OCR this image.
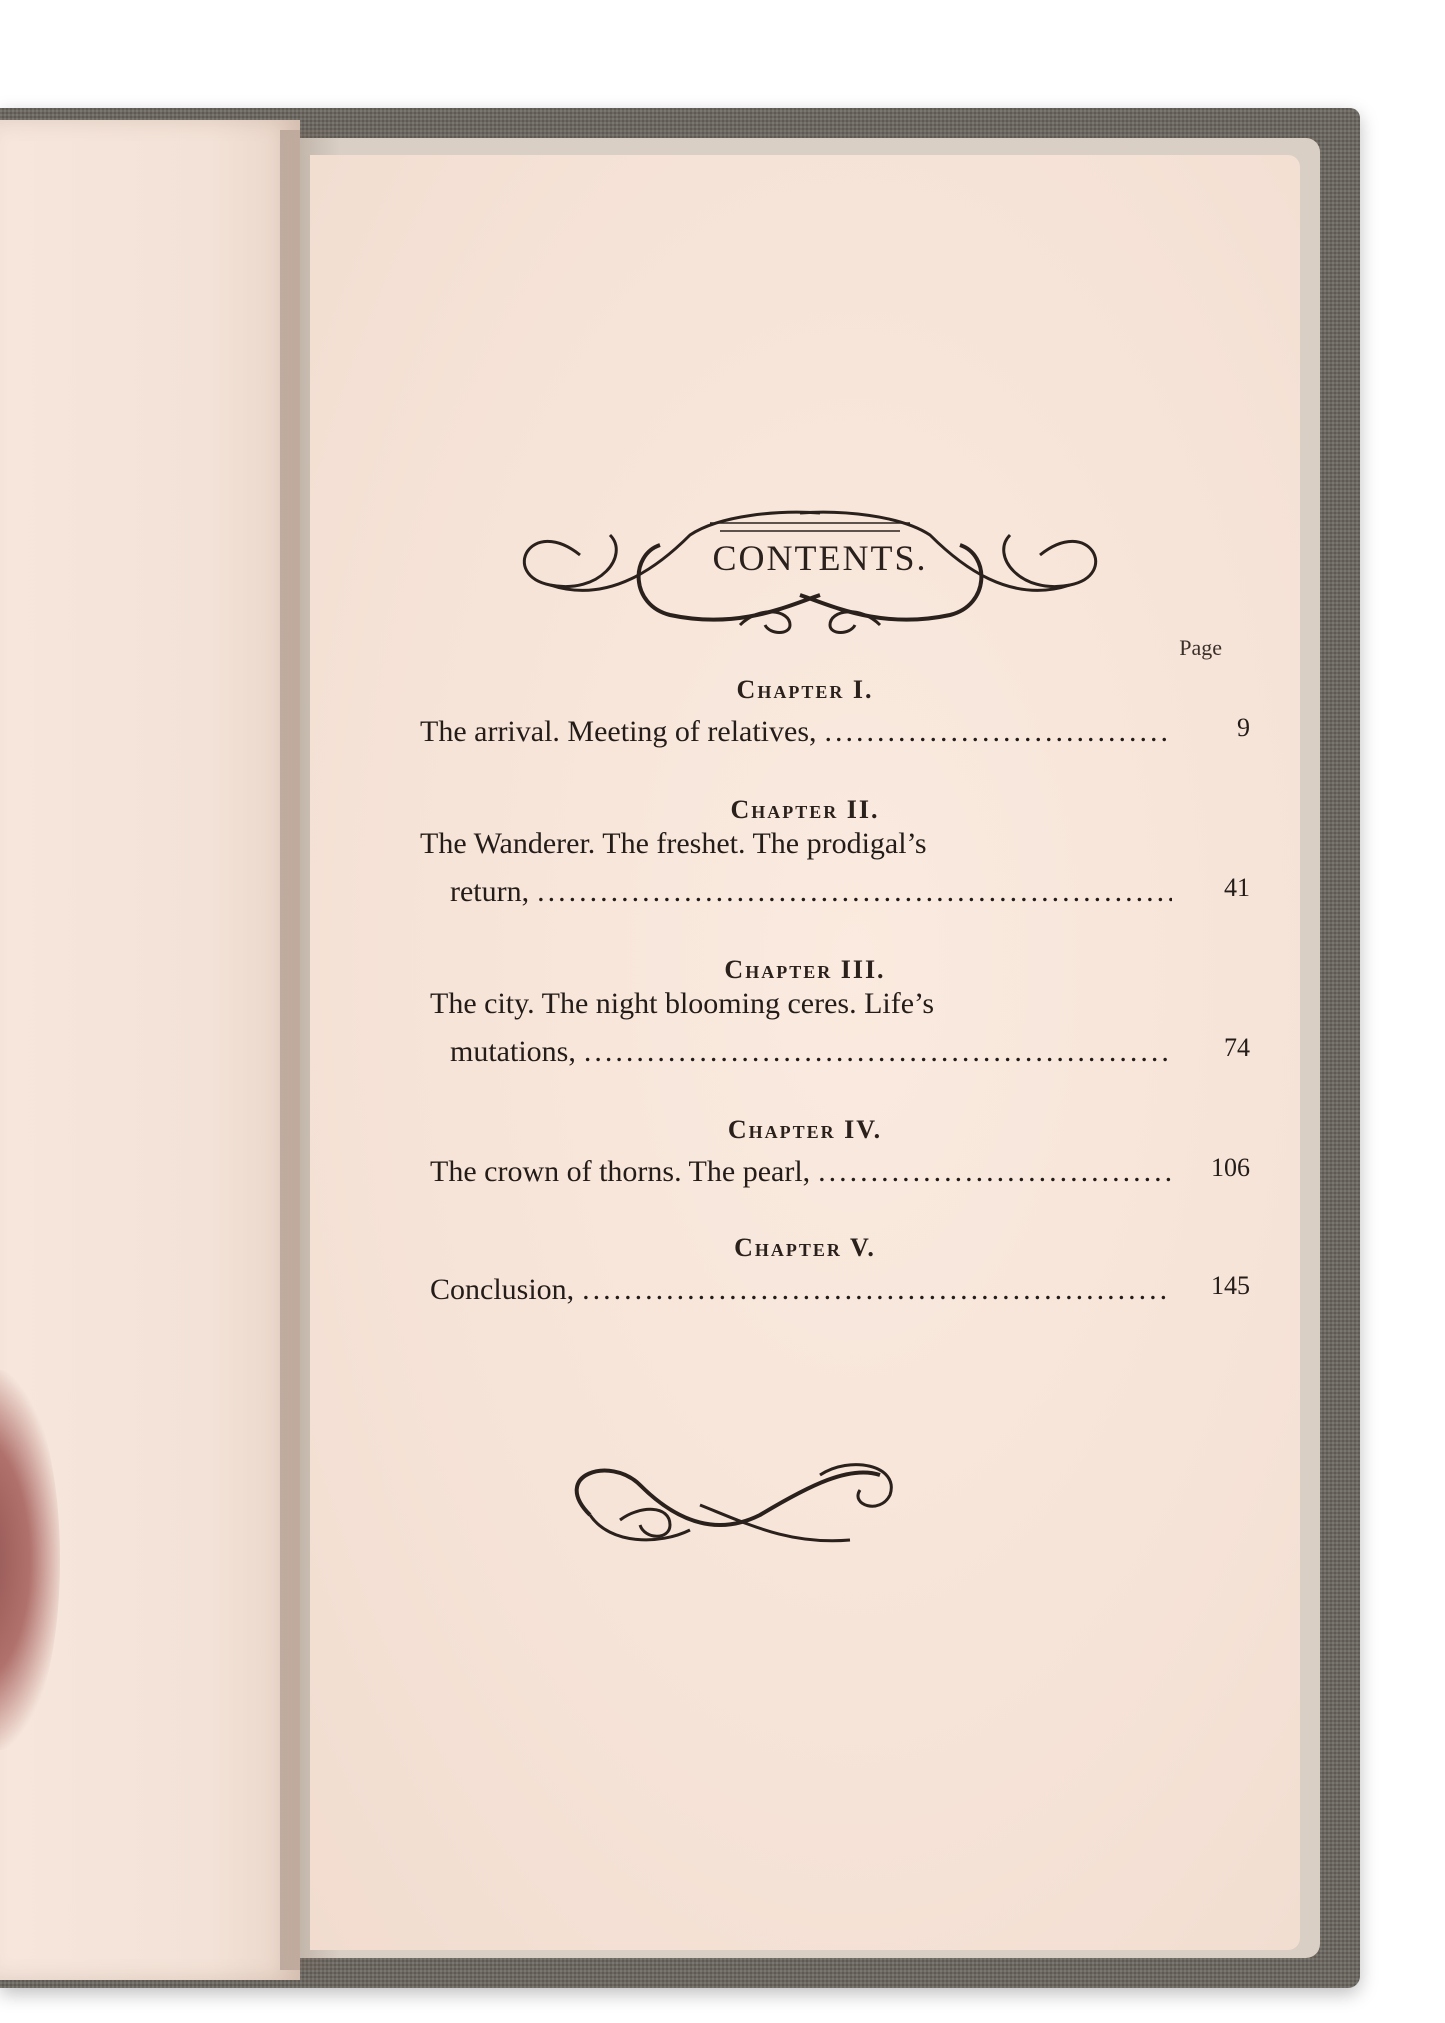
CONTENTS.
Page
Chapter I.
The arrival. Meeting of relatives, .....	9
Chapter II.
The Wanderer. The freshet. The prodigal’s
return, .....	41
Chapter III.
The city. The night blooming ceres. Life’s
mutations, .....	74
Chapter IV.
The crown of thorns. The pearl, .....	106
Chapter V.
Conclusion, .....	145
